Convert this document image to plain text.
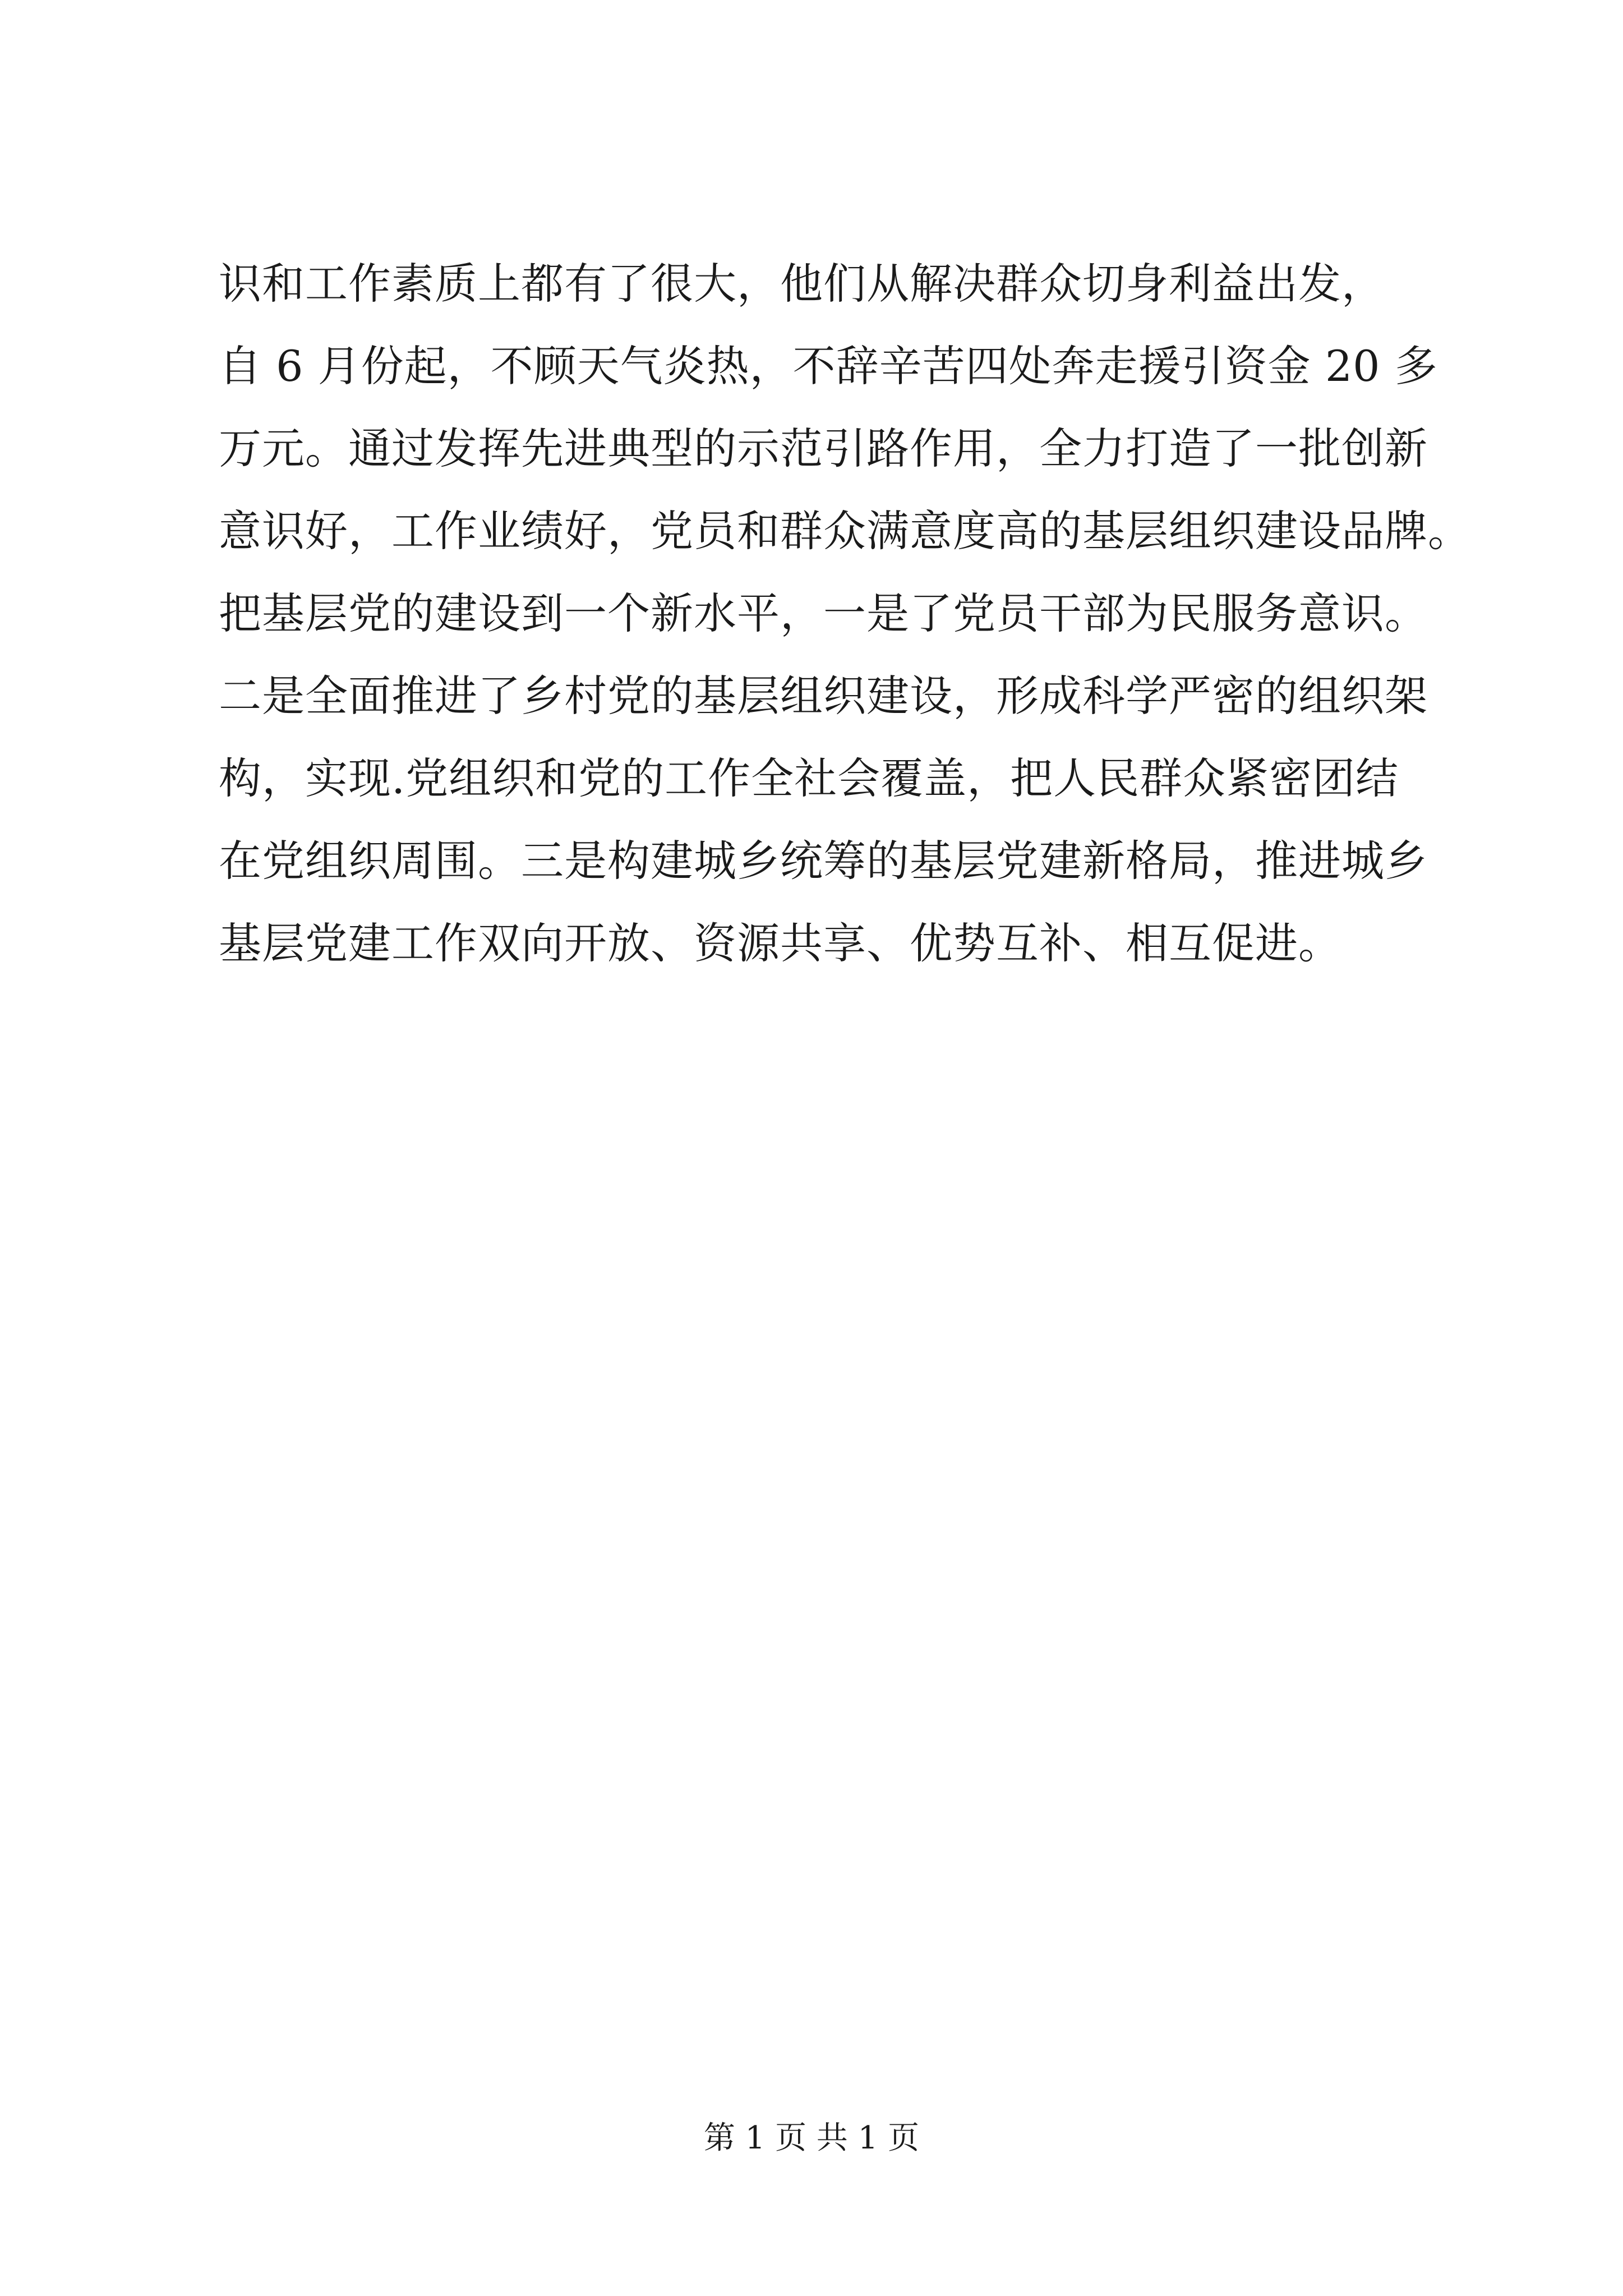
识和工作素质上都有了很大，他们从解决群众切身利益出发，
自 6 月份起，不顾天气炎热，不辞辛苦四处奔走援引资金 20 多
万元。通过发挥先进典型的示范引路作用，全力打造了一批创新
意识好，工作业绩好，党员和群众满意度高的基层组织建设品牌。
把基层党的建设到一个新水平，一是了党员干部为民服务意识。
二是全面推进了乡村党的基层组织建设，形成科学严密的组织架
构，实现.党组织和党的工作全社会覆盖，把人民群众紧密团结
在党组织周围。三是构建城乡统筹的基层党建新格局，推进城乡
基层党建工作双向开放、资源共享、优势互补、相互促进。
第 1 页 共 1 页
